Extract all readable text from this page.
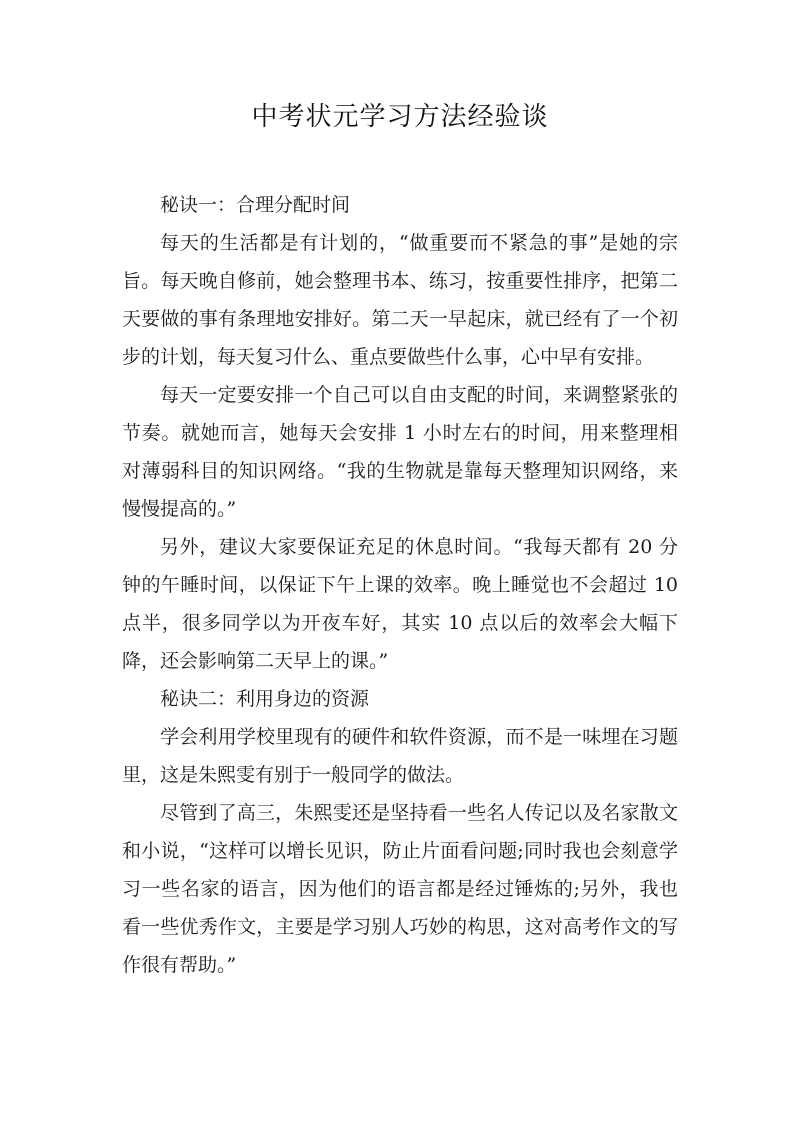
中考状元学习方法经验谈

秘诀一：合理分配时间

每天的生活都是有计划的，“做重要而不紧急的事”是她的宗旨。每天晚自修前，她会整理书本、练习，按重要性排序，把第二天要做的事有条理地安排好。第二天一早起床，就已经有了一个初步的计划，每天复习什么、重点要做些什么事，心中早有安排。

每天一定要安排一个自己可以自由支配的时间，来调整紧张的节奏。就她而言，她每天会安排 1 小时左右的时间，用来整理相对薄弱科目的知识网络。“我的生物就是靠每天整理知识网络，来慢慢提高的。”

另外，建议大家要保证充足的休息时间。“我每天都有 20 分钟的午睡时间，以保证下午上课的效率。晚上睡觉也不会超过 10 点半，很多同学以为开夜车好，其实 10 点以后的效率会大幅下降，还会影响第二天早上的课。”

秘诀二：利用身边的资源

学会利用学校里现有的硬件和软件资源，而不是一味埋在习题里，这是朱熙雯有别于一般同学的做法。

尽管到了高三，朱熙雯还是坚持看一些名人传记以及名家散文和小说，“这样可以增长见识，防止片面看问题;同时我也会刻意学习一些名家的语言，因为他们的语言都是经过锤炼的;另外，我也看一些优秀作文，主要是学习别人巧妙的构思，这对高考作文的写作很有帮助。”
